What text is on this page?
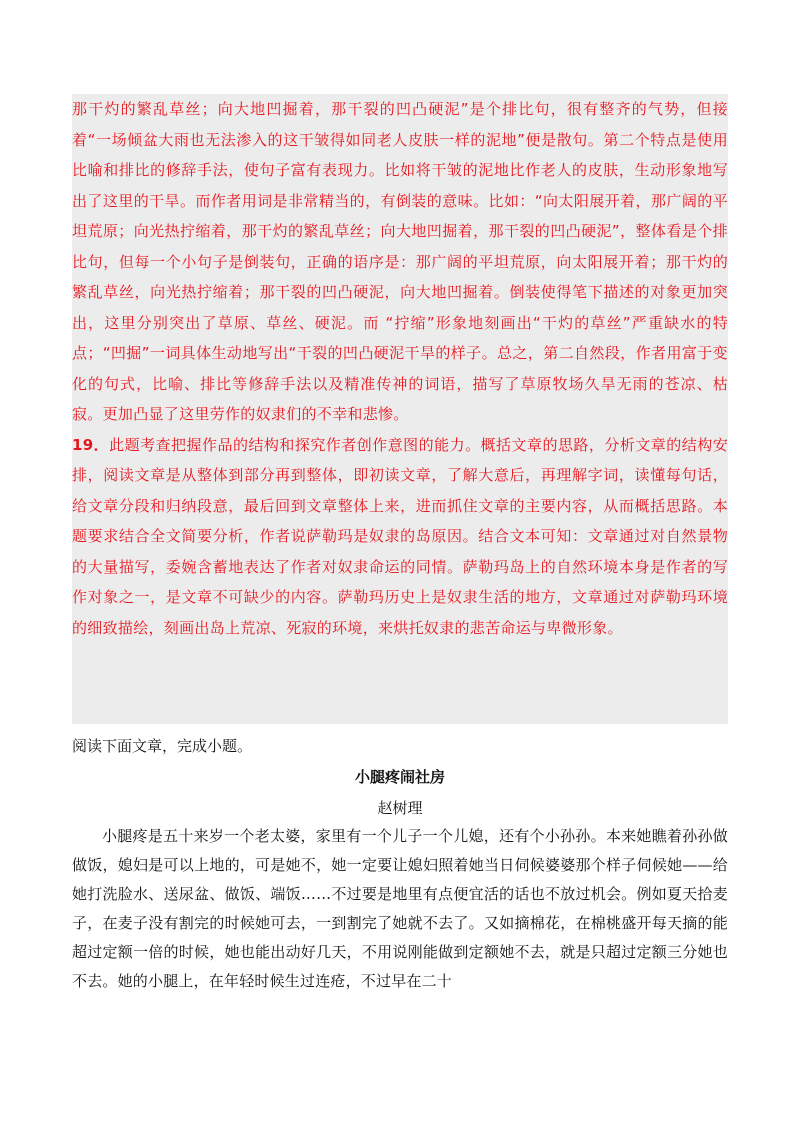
那干灼的繁乱草丝；向大地凹掘着，那干裂的凹凸硬泥”是个排比句，很有整齐的气势，但接着“一场倾盆大雨也无法渗入的这干皱得如同老人皮肤一样的泥地”便是散句。第二个特点是使用比喻和排比的修辞手法，使句子富有表现力。比如将干皱的泥地比作老人的皮肤，生动形象地写出了这里的干旱。而作者用词是非常精当的，有倒装的意味。比如：“向太阳展开着，那广阔的平坦荒原；向光热拧缩着，那干灼的繁乱草丝；向大地凹掘着，那干裂的凹凸硬泥”，整体看是个排比句，但每一个小句子是倒装句，正确的语序是：那广阔的平坦荒原，向太阳展开着；那干灼的繁乱草丝，向光热拧缩着；那干裂的凹凸硬泥，向大地凹掘着。倒装使得笔下描述的对象更加突出，这里分别突出了草原、草丝、硬泥。而 “拧缩”形象地刻画出“干灼的草丝”严重缺水的特点；“凹掘”一词具体生动地写出“干裂的凹凸硬泥干旱的样子。总之，第二自然段，作者用富于变化的句式，比喻、排比等修辞手法以及精准传神的词语，描写了草原牧场久旱无雨的苍凉、枯寂。更加凸显了这里劳作的奴隶们的不幸和悲惨。

19．此题考查把握作品的结构和探究作者创作意图的能力。概括文章的思路，分析文章的结构安排，阅读文章是从整体到部分再到整体，即初读文章，了解大意后，再理解字词，读懂每句话，给文章分段和归纳段意，最后回到文章整体上来，进而抓住文章的主要内容，从而概括思路。本题要求结合全文简要分析，作者说萨勒玛是奴隶的岛原因。结合文本可知：文章通过对自然景物的大量描写，委婉含蓄地表达了作者对奴隶命运的同情。萨勒玛岛上的自然环境本身是作者的写作对象之一，是文章不可缺少的内容。萨勒玛历史上是奴隶生活的地方，文章通过对萨勒玛环境的细致描绘，刻画出岛上荒凉、死寂的环境，来烘托奴隶的悲苦命运与卑微形象。

阅读下面文章，完成小题。

小腿疼闹社房

赵树理

小腿疼是五十来岁一个老太婆，家里有一个儿子一个儿媳，还有个小孙孙。本来她瞧着孙孙做做饭，媳妇是可以上地的，可是她不，她一定要让媳妇照着她当日伺候婆婆那个样子伺候她——给她打洗脸水、送尿盆、做饭、端饭……不过要是地里有点便宜活的话也不放过机会。例如夏天拾麦子，在麦子没有割完的时候她可去，一到割完了她就不去了。又如摘棉花，在棉桃盛开每天摘的能超过定额一倍的时候，她也能出动好几天，不用说刚能做到定额她不去，就是只超过定额三分她也不去。她的小腿上，在年轻时候生过连疮，不过早在二十
